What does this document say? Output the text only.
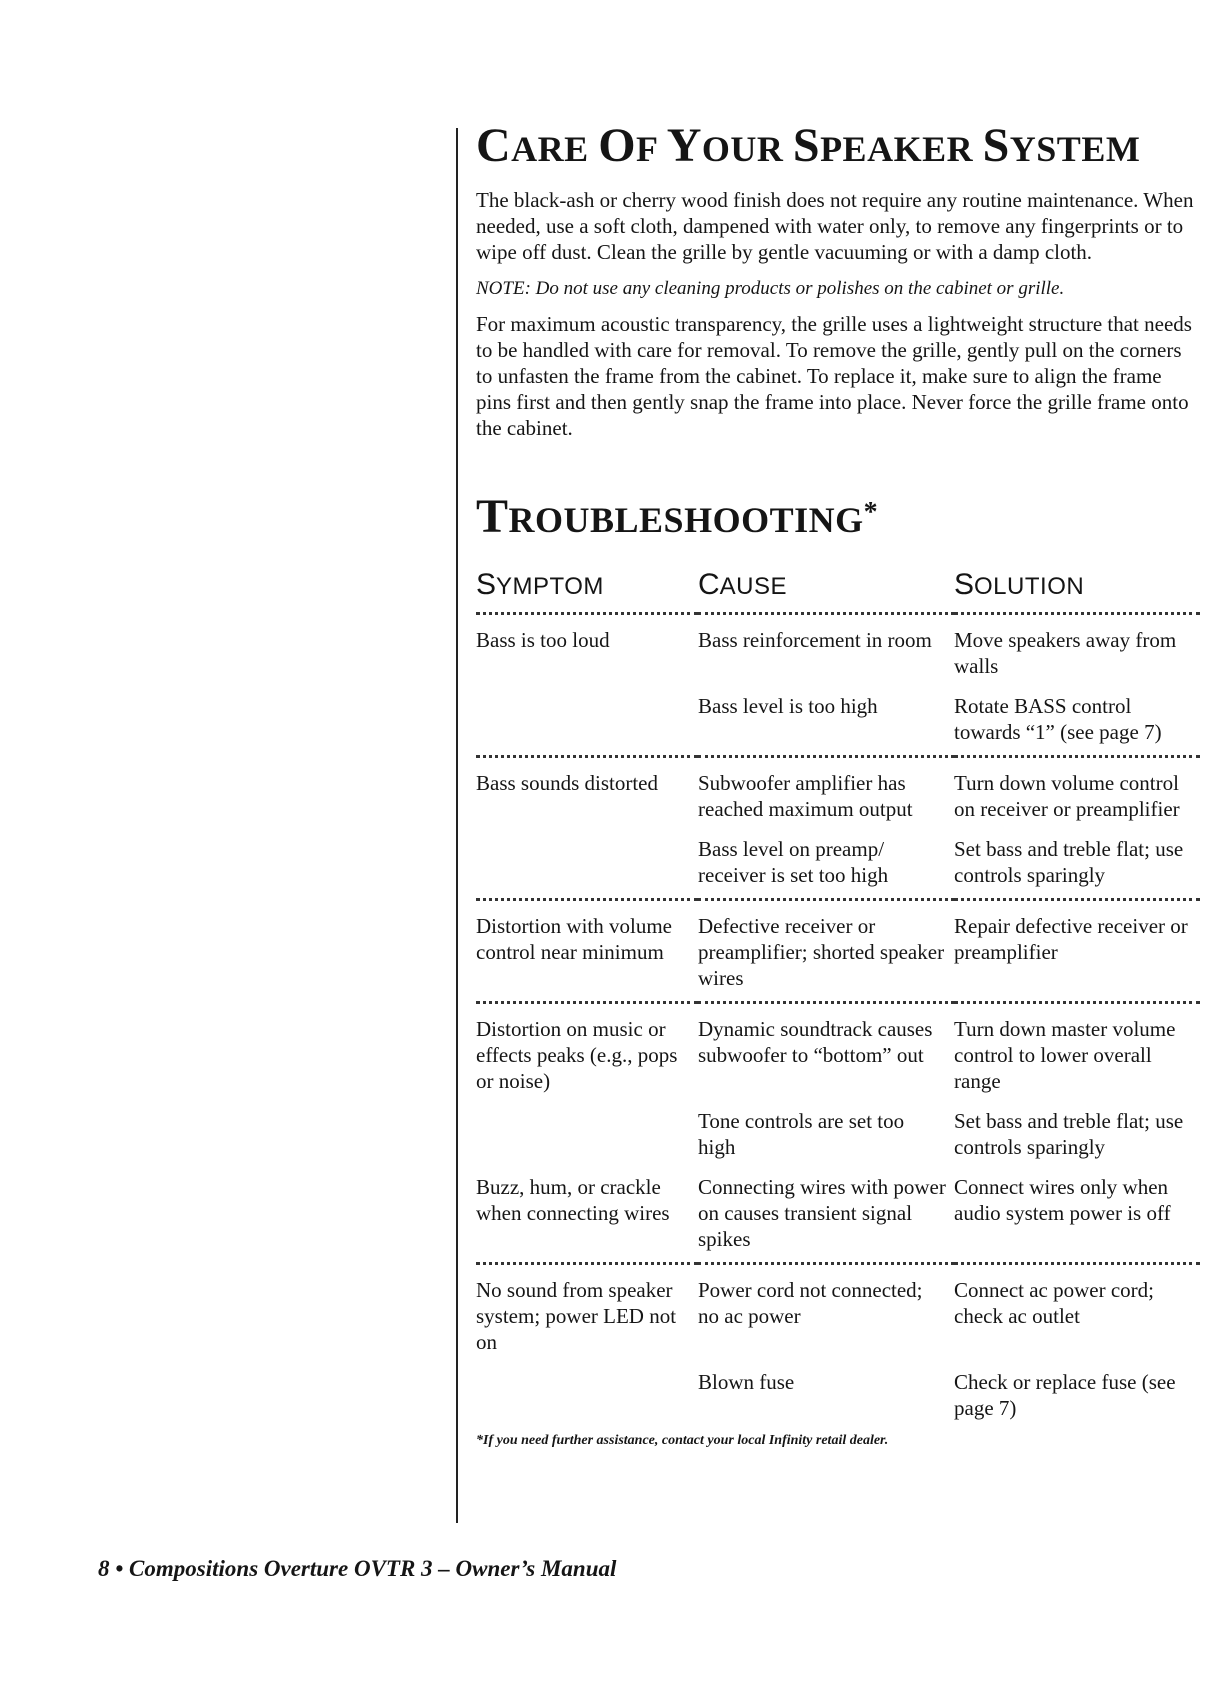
CARE OF YOUR SPEAKER SYSTEM

The black-ash or cherry wood finish does not require any routine maintenance. When needed, use a soft cloth, dampened with water only, to remove any fingerprints or to wipe off dust. Clean the grille by gentle vacuuming or with a damp cloth.

NOTE: Do not use any cleaning products or polishes on the cabinet or grille.

For maximum acoustic transparency, the grille uses a lightweight structure that needs to be handled with care for removal. To remove the grille, gently pull on the corners to unfasten the frame from the cabinet. To replace it, make sure to align the frame pins first and then gently snap the frame into place. Never force the grille frame onto the cabinet.

TROUBLESHOOTING*
SYMPTOM	CAUSE	SOLUTION
Bass is too loud	Bass reinforcement in room	Move speakers away from walls
	Bass level is too high	Rotate BASS control towards “1” (see page 7)
Bass sounds distorted	Subwoofer amplifier has reached maximum output	Turn down volume control on receiver or preamplifier
	Bass level on preamp/ receiver is set too high	Set bass and treble flat; use controls sparingly
Distortion with volume control near minimum	Defective receiver or preamplifier; shorted speaker wires	Repair defective receiver or preamplifier
Distortion on music or effects peaks (e.g., pops or noise)	Dynamic soundtrack causes subwoofer to “bottom” out	Turn down master volume control to lower overall range
	Tone controls are set too high	Set bass and treble flat; use controls sparingly
Buzz, hum, or crackle when connecting wires	Connecting wires with power on causes transient signal spikes	Connect wires only when audio system power is off
No sound from speaker system; power LED not on	Power cord not connected; no ac power	Connect ac power cord; check ac outlet
	Blown fuse	Check or replace fuse (see page 7)
*If you need further assistance, contact your local Infinity retail dealer.
8 • Compositions Overture OVTR 3 – Owner’s Manual
